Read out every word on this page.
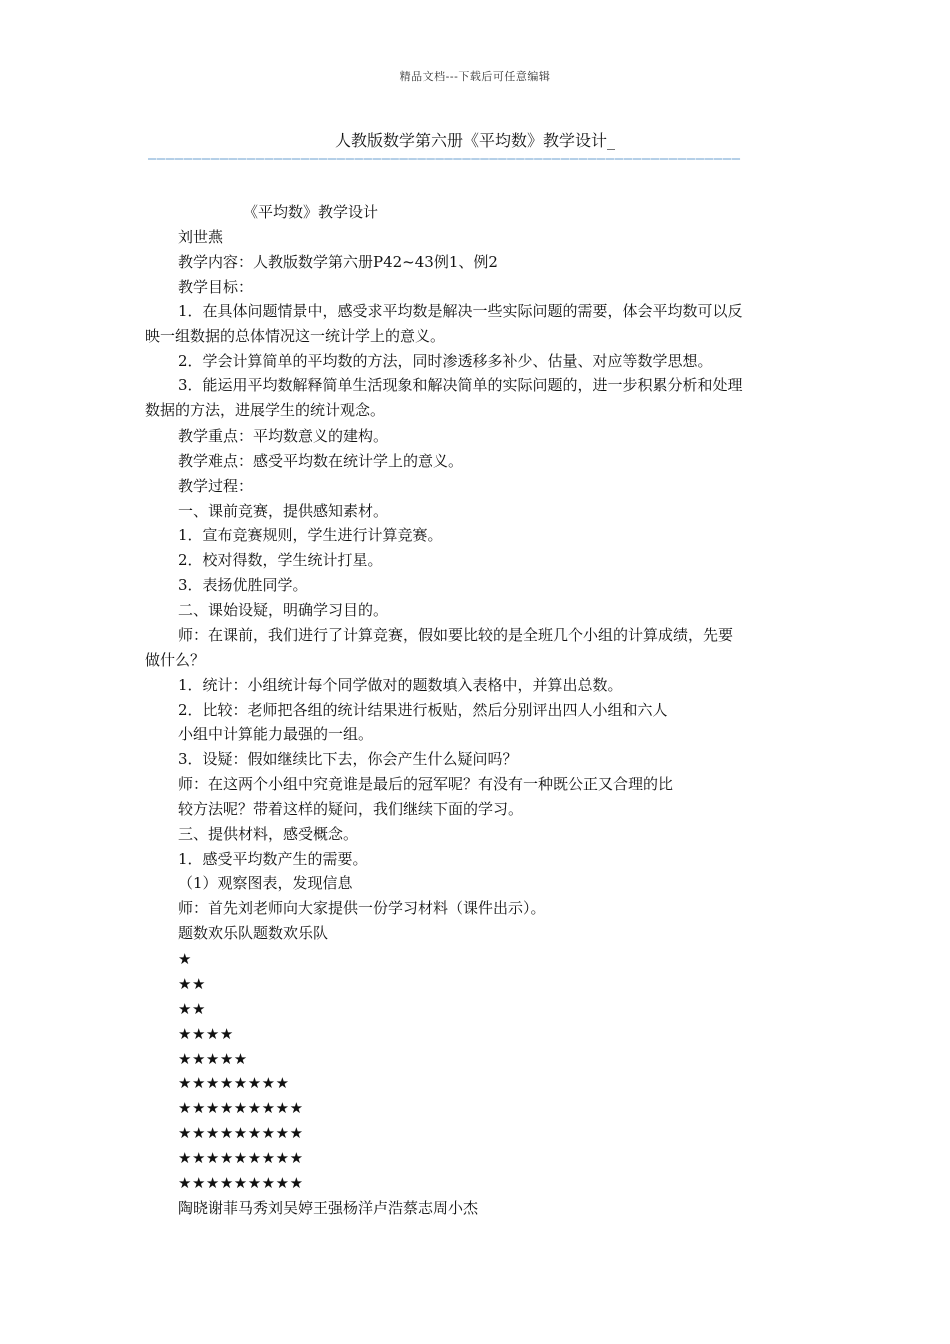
精品文档---下载后可任意编辑
人教版数学第六册《平均数》教学设计_
——————————————————————————————————————————————————————————————————
《平均数》教学设计
刘世燕
教学内容：人教版数学第六册P42~43例1、例2
教学目标：
1．在具体问题情景中，感受求平均数是解决一些实际问题的需要，体会平均数可以反
映一组数据的总体情况这一统计学上的意义。
2．学会计算简单的平均数的方法，同时渗透移多补少、估量、对应等数学思想。
3．能运用平均数解释简单生活现象和解决简单的实际问题的，进一步积累分析和处理
数据的方法，进展学生的统计观念。
教学重点：平均数意义的建构。
教学难点：感受平均数在统计学上的意义。
教学过程：
一、课前竞赛，提供感知素材。
1．宣布竞赛规则，学生进行计算竞赛。
2．校对得数，学生统计打星。
3．表扬优胜同学。
二、课始设疑，明确学习目的。
师：在课前，我们进行了计算竞赛，假如要比较的是全班几个小组的计算成绩，先要
做什么？
1．统计：小组统计每个同学做对的题数填入表格中，并算出总数。
2．比较：老师把各组的统计结果进行板贴，然后分别评出四人小组和六人
小组中计算能力最强的一组。
3．设疑：假如继续比下去，你会产生什么疑问吗？
师：在这两个小组中究竟谁是最后的冠军呢？有没有一种既公正又合理的比
较方法呢？带着这样的疑问，我们继续下面的学习。
三、提供材料，感受概念。
1．感受平均数产生的需要。
（1）观察图表，发现信息
师：首先刘老师向大家提供一份学习材料（课件出示）。
题数欢乐队题数欢乐队
★
★★
★★
★★★★
★★★★★
★★★★★★★★
★★★★★★★★★
★★★★★★★★★
★★★★★★★★★
★★★★★★★★★
陶晓谢菲马秀刘吴婷王强杨洋卢浩蔡志周小杰
